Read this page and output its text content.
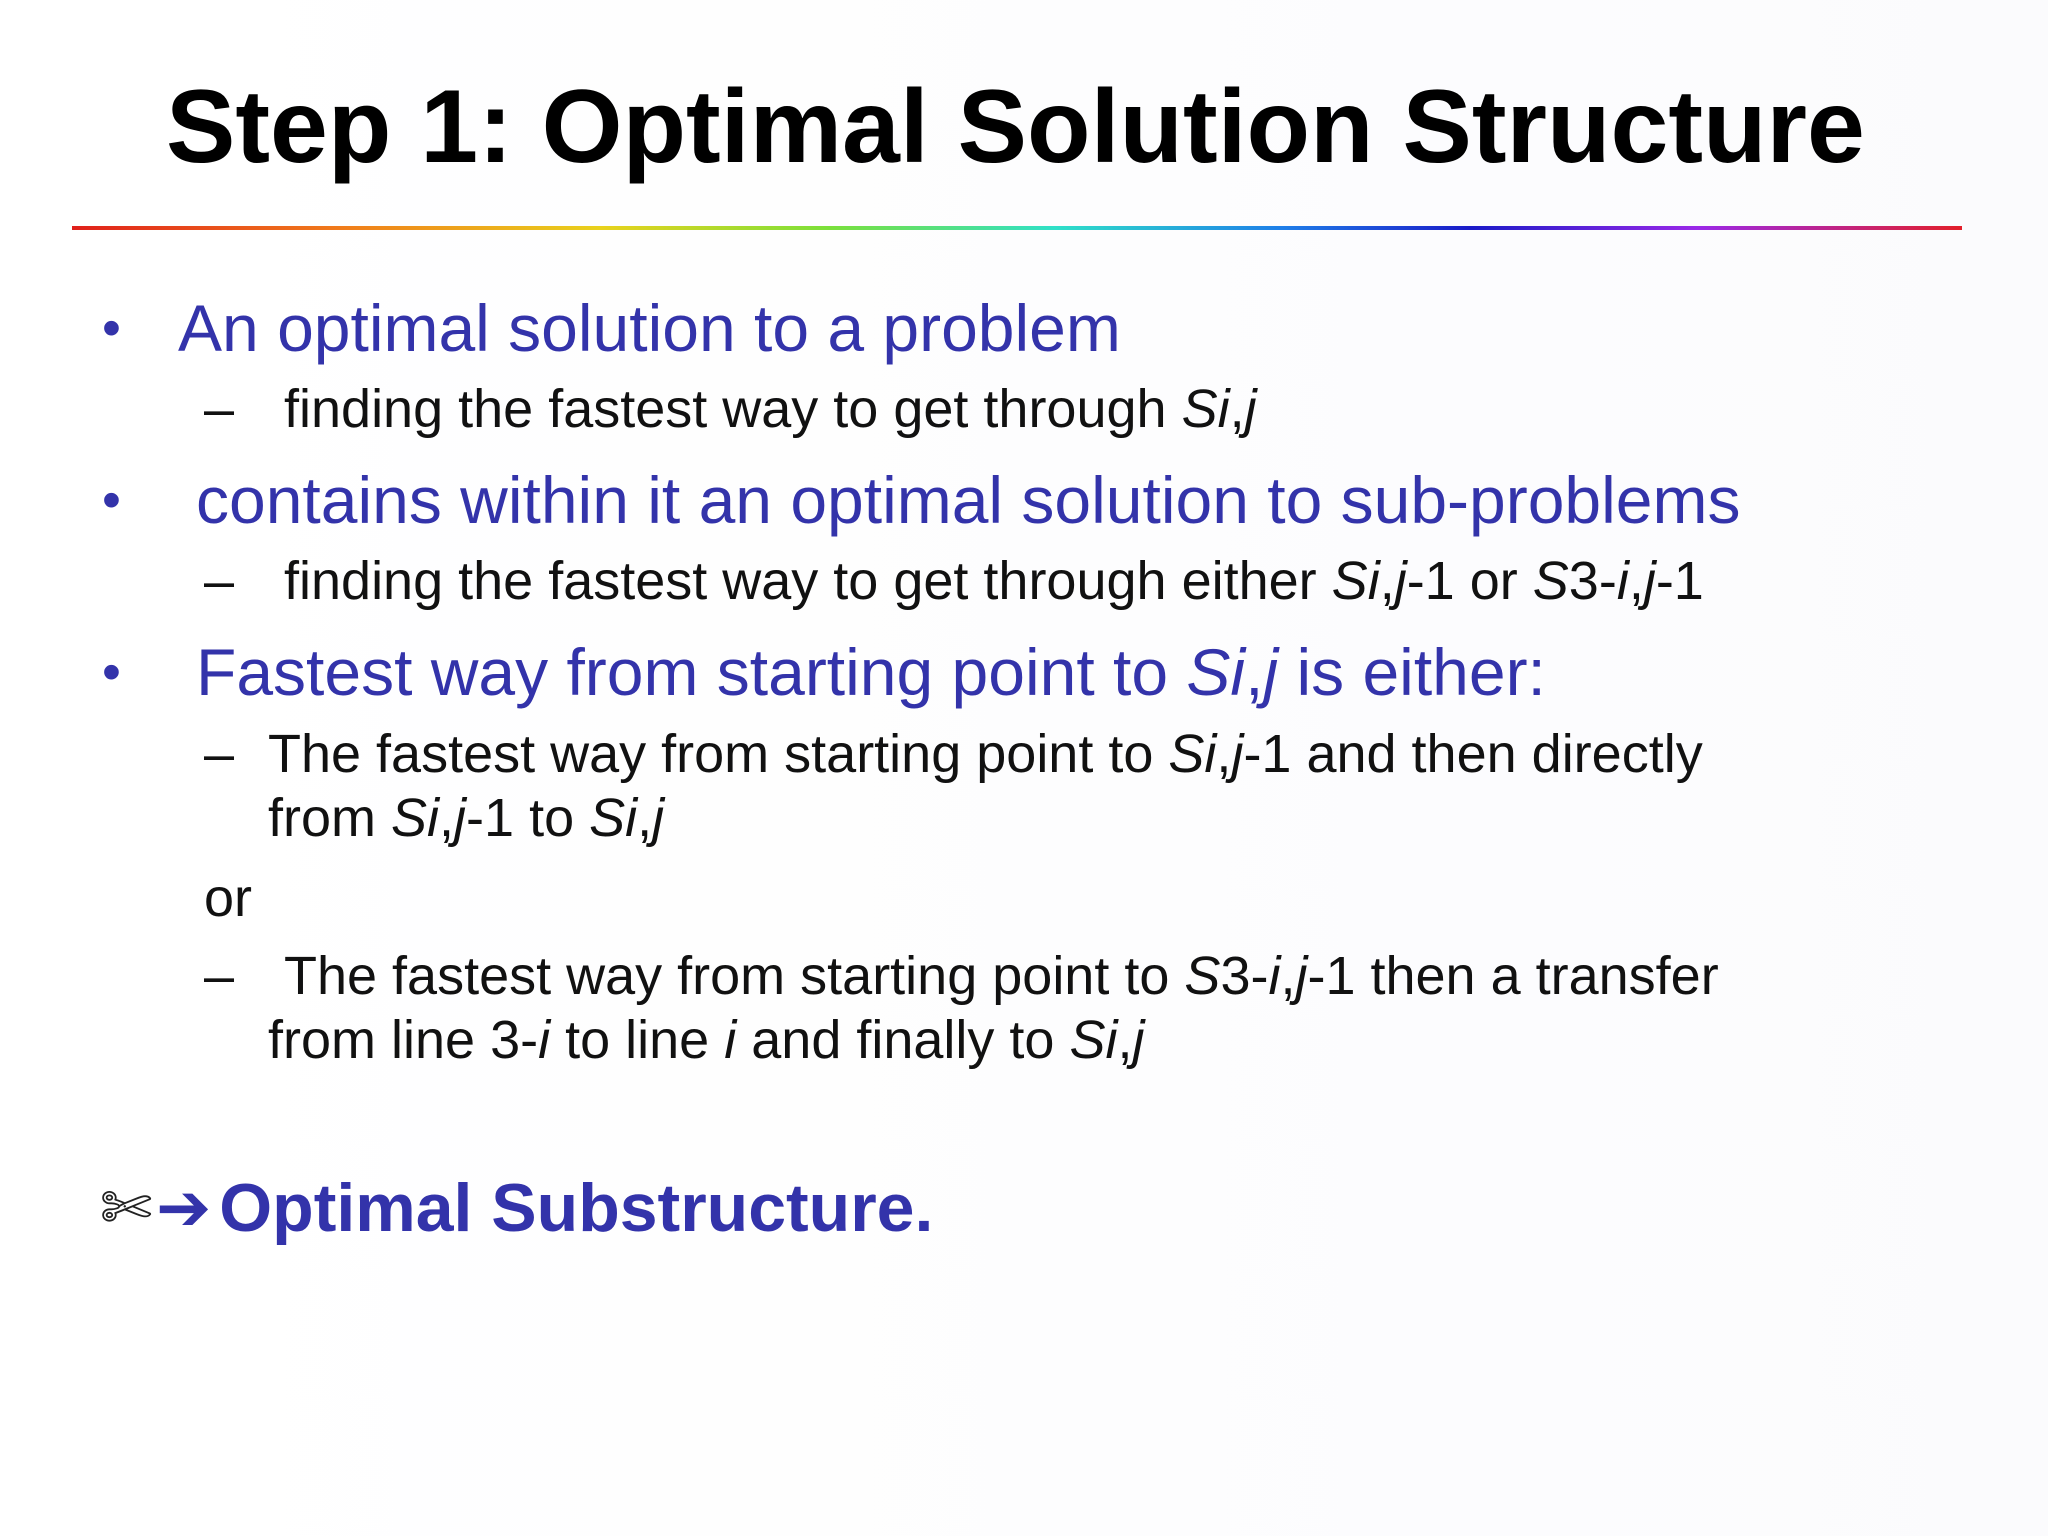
Step 1: Optimal Solution Structure
• An optimal solution to a problem
– finding the fastest way to get through Si,j
• contains within it an optimal solution to sub-problems
– finding the fastest way to get through either Si,j-1 or S3-i,j-1
• Fastest way from starting point to Si,j is either:
– The fastest way from starting point to Si,j-1 and then directly
from Si,j-1 to Si,j
or
– The fastest way from starting point to S3-i,j-1 then a transfer
from line 3-i to line i and finally to Si,j
✄➔ Optimal Substructure.
